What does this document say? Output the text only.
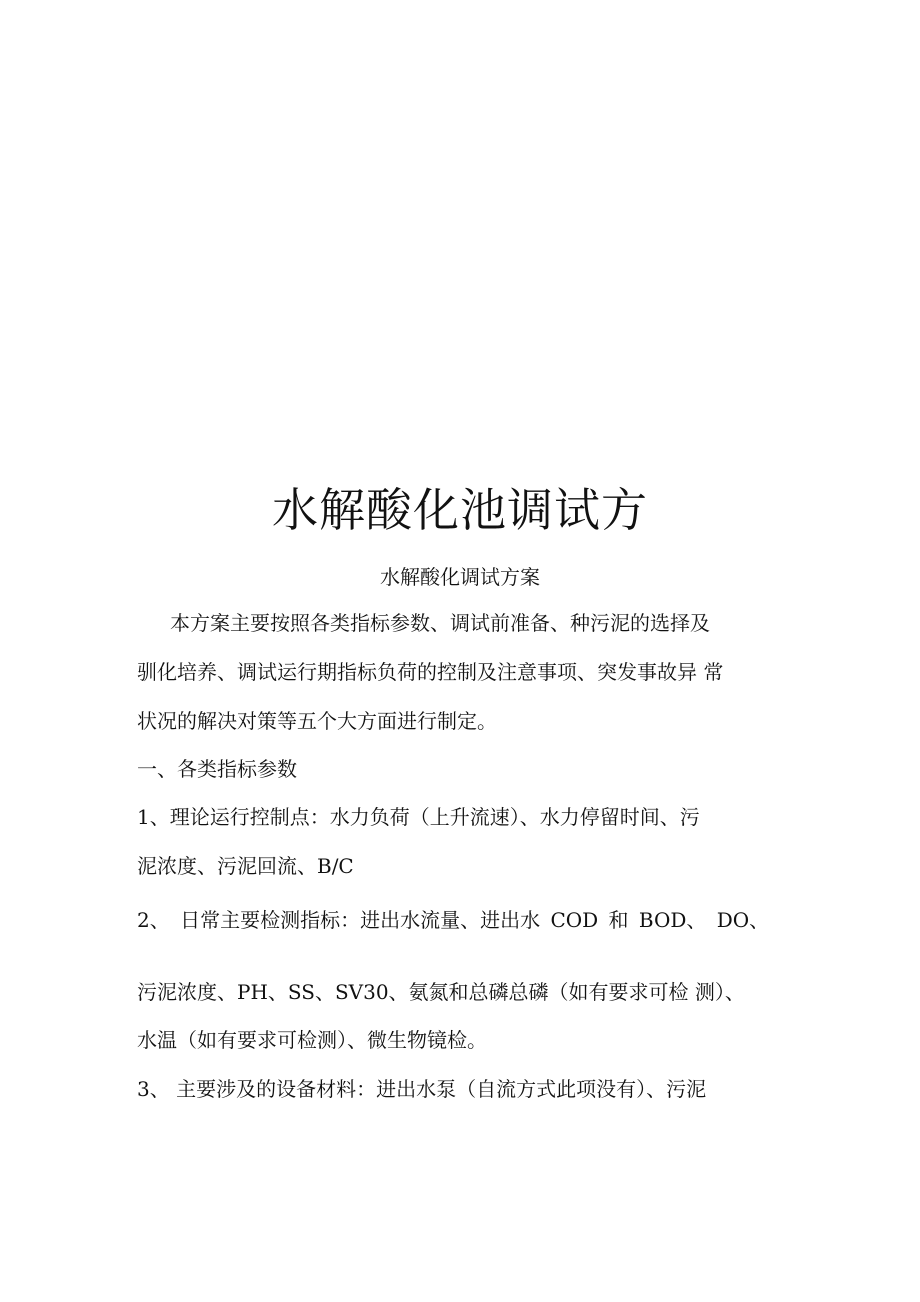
水解酸化池调试方
水解酸化调试方案
本方案主要按照各类指标参数、调试前准备、种污泥的选择及
驯化培养、调试运行期指标负荷的控制及注意事项、突发事故异 常
状况的解决对策等五个大方面进行制定。
一、各类指标参数
1、理论运行控制点：水力负荷（上升流速）、水力停留时间、污
泥浓度、污泥回流、B/C
2、 日常主要检测指标：进出水流量、进出水 COD 和 BOD、 DO、
污泥浓度、PH、SS、SV30、氨氮和总磷总磷（如有要求可检 测）、
水温（如有要求可检测）、微生物镜检。
3、 主要涉及的设备材料：进出水泵（自流方式此项没有）、污泥
